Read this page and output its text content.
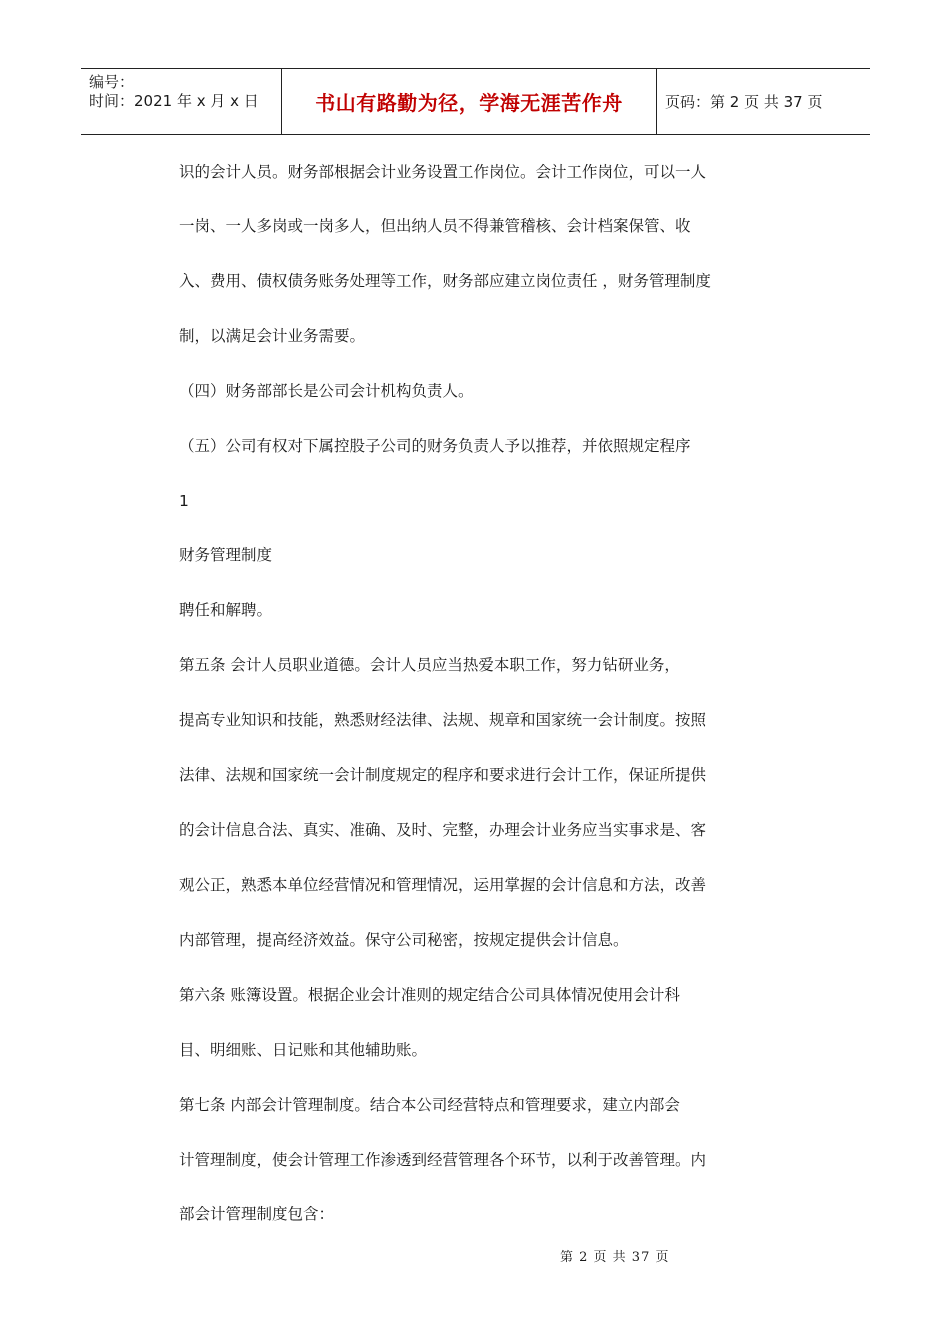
编号：
时间：2021 年 x 月 x 日	书山有路勤为径，学海无涯苦作舟	页码：第 2 页 共 37 页
识的会计人员。财务部根据会计业务设置工作岗位。会计工作岗位，可以一人
一岗、一人多岗或一岗多人，但出纳人员不得兼管稽核、会计档案保管、收
入、费用、债权债务账务处理等工作，财务部应建立岗位责任 ，财务管理制度
制，以满足会计业务需要。
（四）财务部部长是公司会计机构负责人。
（五）公司有权对下属控股子公司的财务负责人予以推荐，并依照规定程序
1
财务管理制度
聘任和解聘。
第五条 会计人员职业道德。会计人员应当热爱本职工作，努力钻研业务，
提高专业知识和技能，熟悉财经法律、法规、规章和国家统一会计制度。按照
法律、法规和国家统一会计制度规定的程序和要求进行会计工作，保证所提供
的会计信息合法、真实、准确、及时、完整，办理会计业务应当实事求是、客
观公正，熟悉本单位经营情况和管理情况，运用掌握的会计信息和方法，改善
内部管理，提高经济效益。保守公司秘密，按规定提供会计信息。
第六条 账簿设置。根据企业会计准则的规定结合公司具体情况使用会计科
目、明细账、日记账和其他辅助账。
第七条 内部会计管理制度。结合本公司经营特点和管理要求，建立内部会
计管理制度，使会计管理工作渗透到经营管理各个环节，以利于改善管理。内
部会计管理制度包含：
第 2 页 共 37 页
